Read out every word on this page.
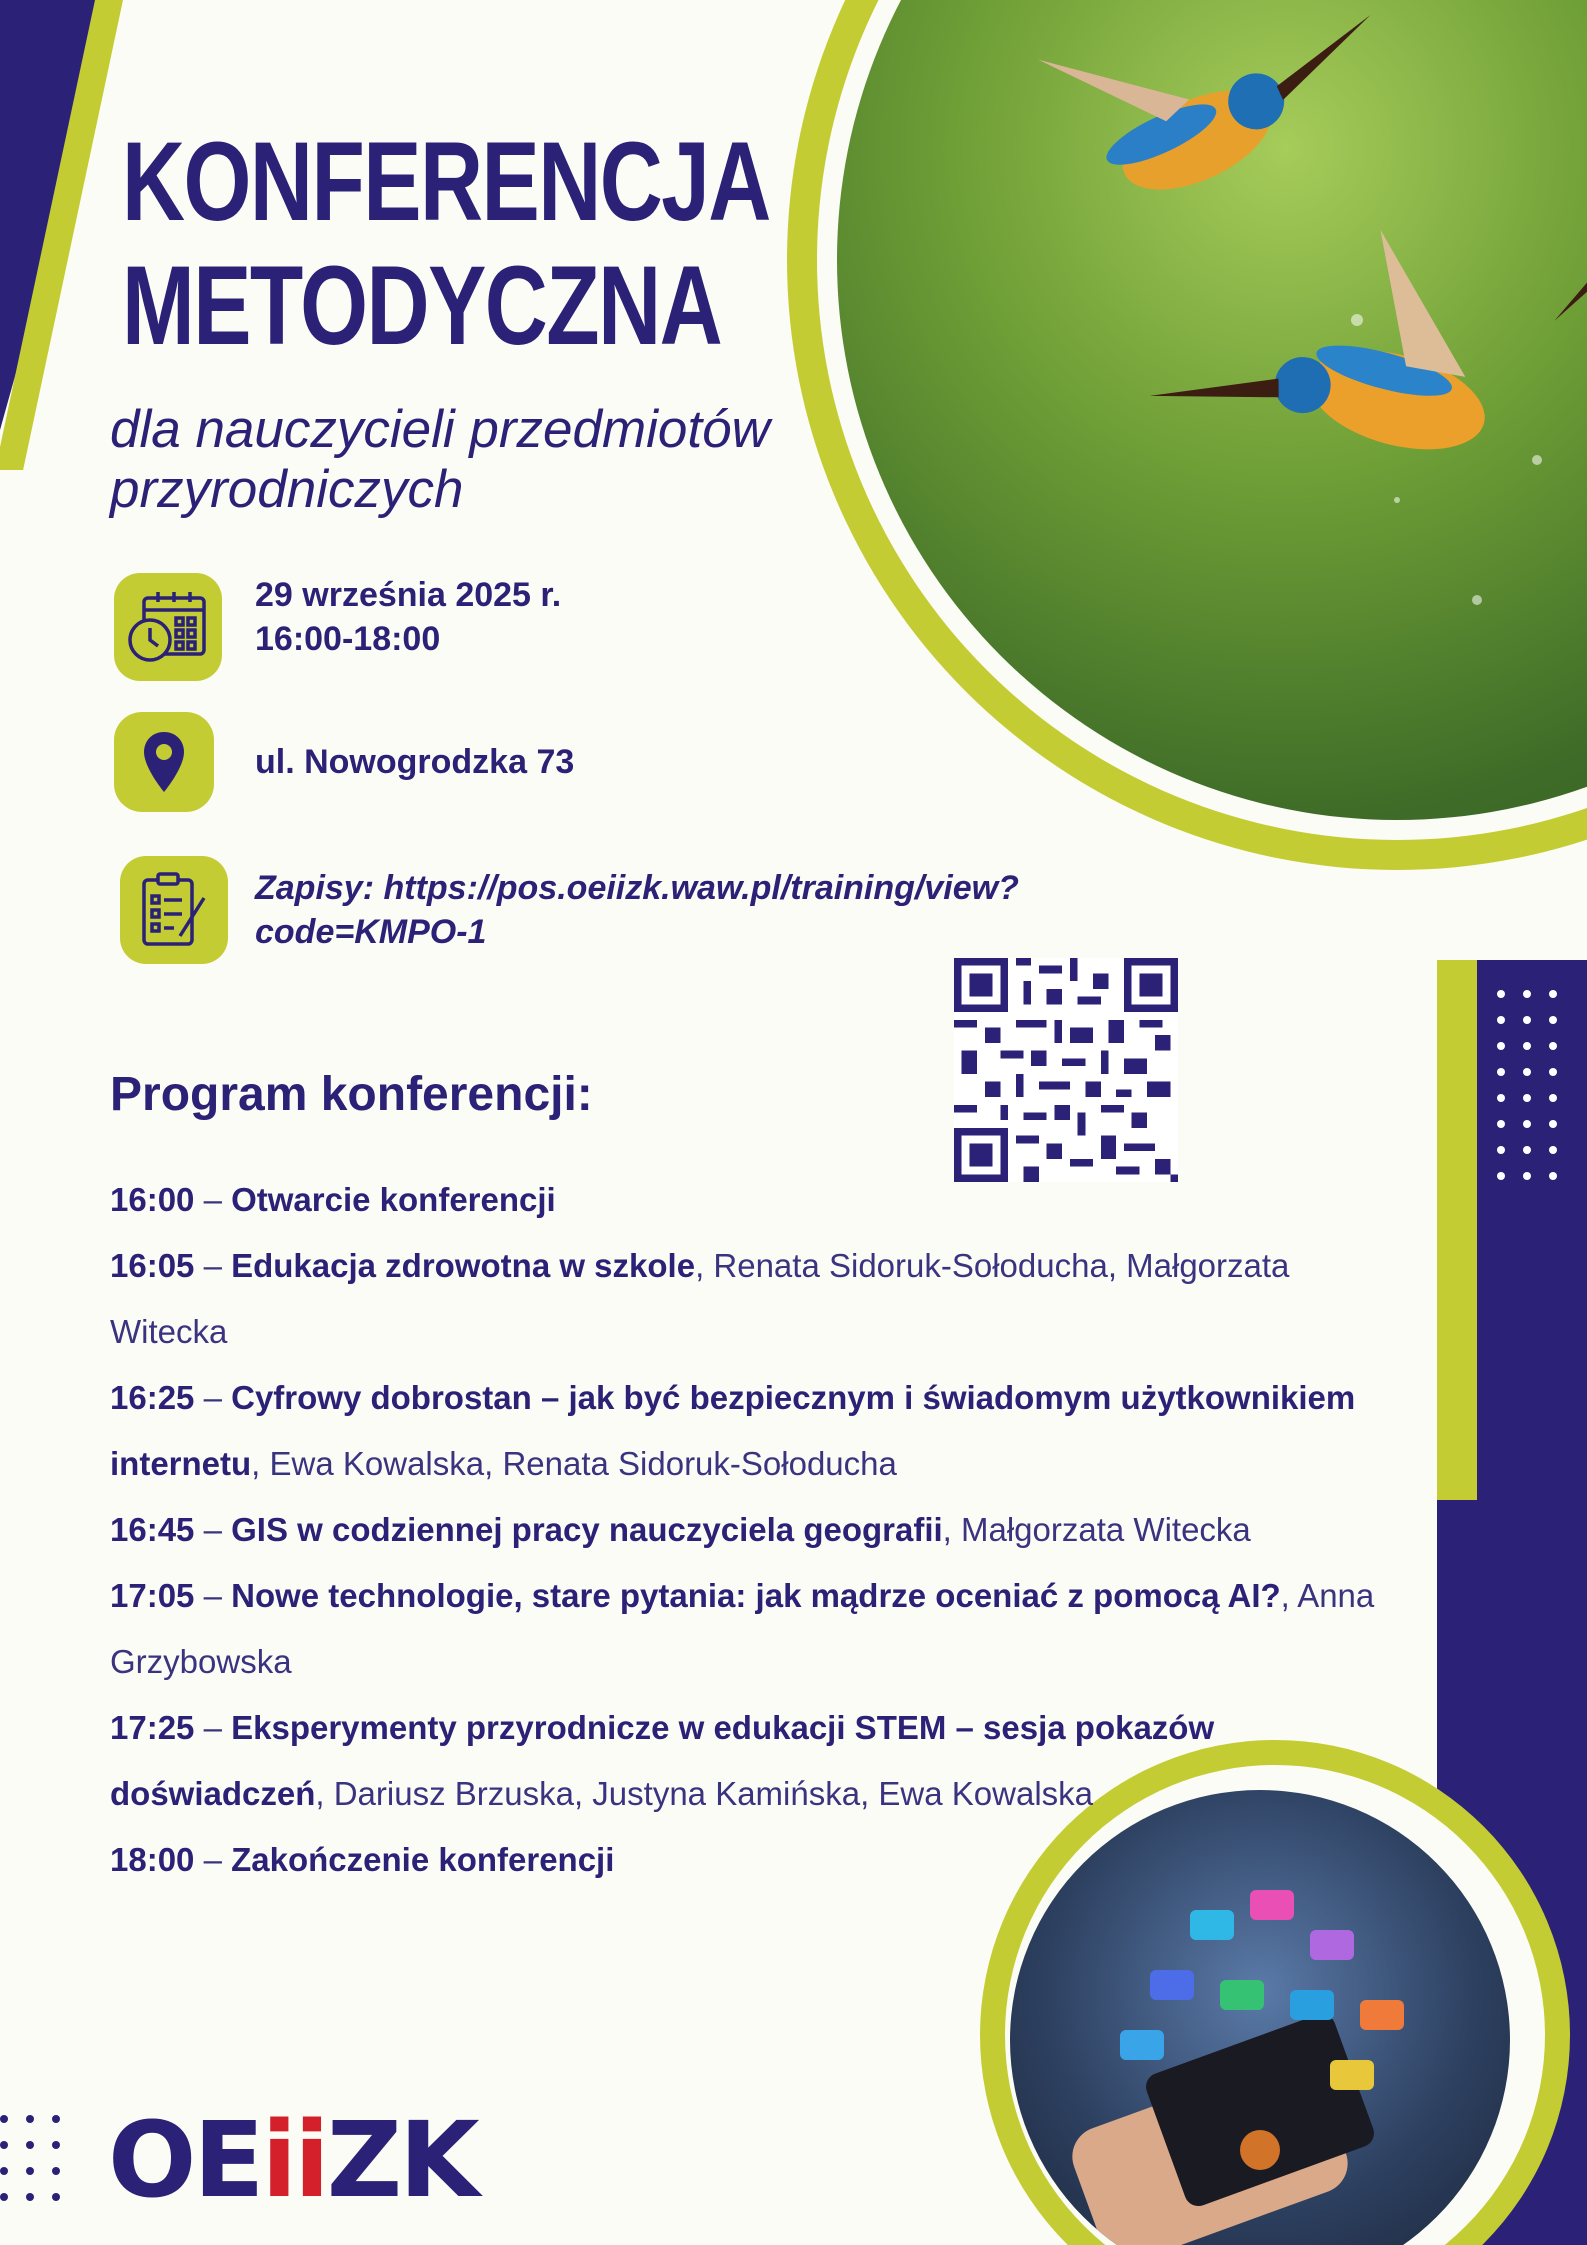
KONFERENCJA
METODYCZNA

dla nauczycieli przedmiotów przyrodniczych

29 września 2025 r.
16:00-18:00
ul. Nowogrodzka 73
Zapisy: https://pos.oeiizk.waw.pl/training/view?
code=KMPO-1
Program konferencji:

16:00 – Otwarcie konferencji

16:05 – Edukacja zdrowotna w szkole, Renata Sidoruk-Sołoducha, Małgorzata Witecka

16:25 – Cyfrowy dobrostan – jak być bezpiecznym i świadomym użytkownikiem internetu, Ewa Kowalska, Renata Sidoruk-Sołoducha

16:45 – GIS w codziennej pracy nauczyciela geografii, Małgorzata Witecka

17:05 – Nowe technologie, stare pytania: jak mądrze oceniać z pomocą AI?, Anna Grzybowska

17:25 – Eksperymenty przyrodnicze w edukacji STEM – sesja pokazów doświadczeń, Dariusz Brzuska, Justyna Kamińska, Ewa Kowalska

18:00 – Zakończenie konferencji

OEiiZK
